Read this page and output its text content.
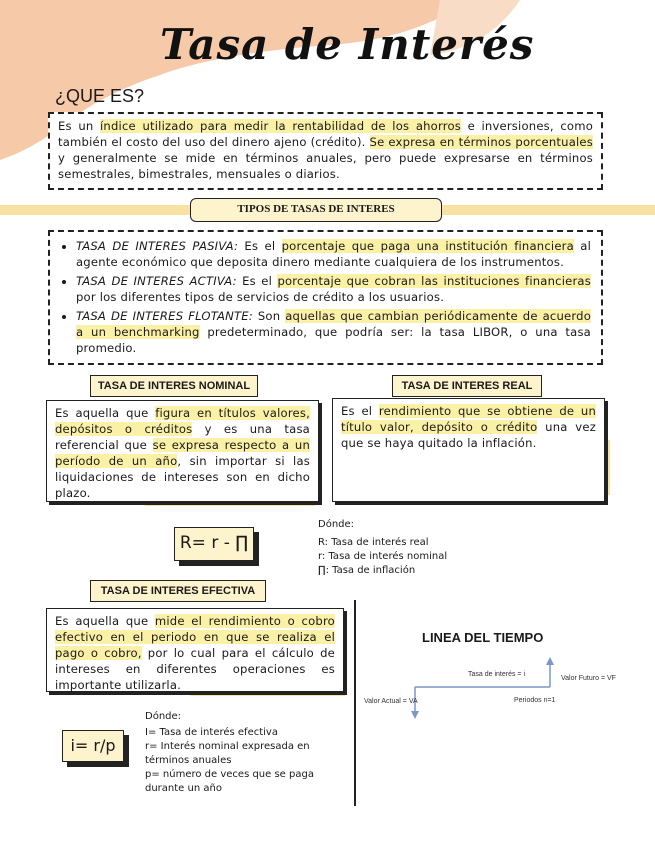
Tasa de Interés
¿QUE ES?
Es un índice utilizado para medir la rentabilidad de los ahorros e inversiones, como también el costo del uso del dinero ajeno (crédito). Se expresa en términos porcentuales y generalmente se mide en términos anuales, pero puede expresarse en términos semestrales, bimestrales, mensuales o diarios.
TIPOS DE TASAS DE INTERES
• TASA DE INTERES PASIVA: Es el porcentaje que paga una institución financiera al agente económico que deposita dinero mediante cualquiera de los instrumentos.
• TASA DE INTERES ACTIVA: Es el porcentaje que cobran las instituciones financieras por los diferentes tipos de servicios de crédito a los usuarios.
• TASA DE INTERES FLOTANTE: Son aquellas que cambian periódicamente de acuerdo a un benchmarking predeterminado, que podría ser: la tasa LIBOR, o una tasa promedio.
TASA DE INTERES NOMINAL
Es aquella que figura en títulos valores, depósitos o créditos y es una tasa referencial que se expresa respecto a un período de un año, sin importar si las liquidaciones de intereses son en dicho plazo.
TASA DE INTERES REAL
Es el rendimiento que se obtiene de un título valor, depósito o crédito una vez que se haya quitado la inflación.
R= r - ∏
Dónde:
R: Tasa de interés real
r: Tasa de interés nominal
∏: Tasa de inflación
TASA DE INTERES EFECTIVA
Es aquella que mide el rendimiento o cobro efectivo en el periodo en que se realiza el pago o cobro, por lo cual para el cálculo de intereses en diferentes operaciones es importante utilizarla.
i= r/p
Dónde:
I= Tasa de interés efectiva
r= Interés nominal expresada en términos anuales
p= número de veces que se paga durante un año
LINEA DEL TIEMPO
Tasa de interés = i
Valor Futuro = VF
Valor Actual = VA	Periodos n=1
